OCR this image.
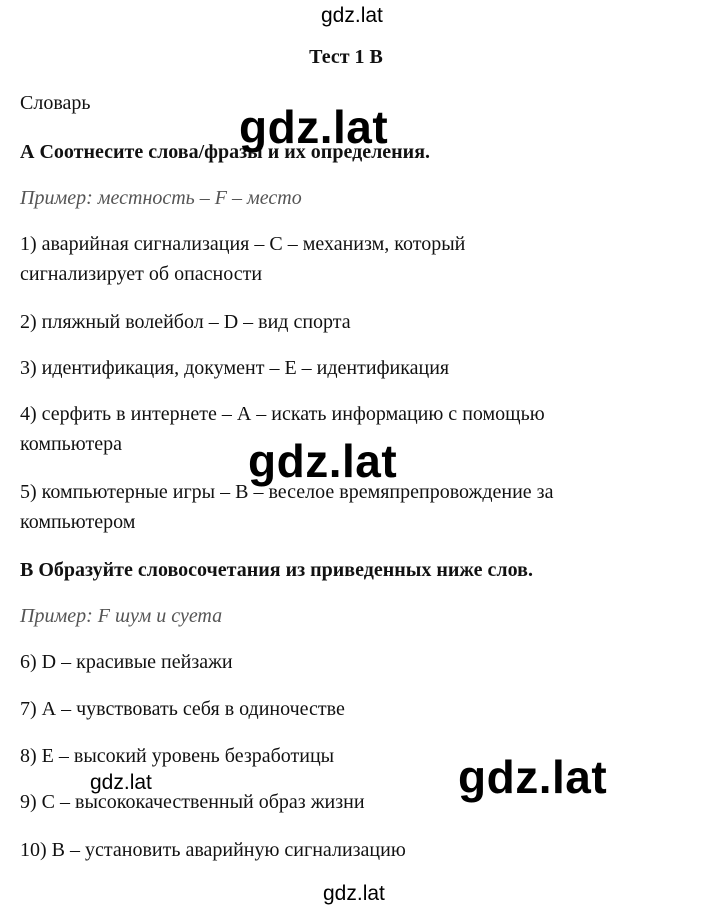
Тест 1 В
Словарь
А Соотнесите слова/фразы и их определения.
Пример: местность – F – место
1) аварийная сигнализация – С – механизм, который
сигнализирует об опасности
2) пляжный волейбол – D – вид спорта
3) идентификация, документ – Е – идентификация
4) серфить в интернете – А – искать информацию с помощью
компьютера
5) компьютерные игры – В – веселое времяпрепровождение за
компьютером
В Образуйте словосочетания из приведенных ниже слов.
Пример: F шум и суета
6) D – красивые пейзажи
7) А – чувствовать себя в одиночестве
8) Е – высокий уровень безработицы
9) С – высококачественный образ жизни
10) В – установить аварийную сигнализацию
gdz.lat
gdz.lat
gdz.lat
gdz.lat	gdz.lat
gdz.lat
